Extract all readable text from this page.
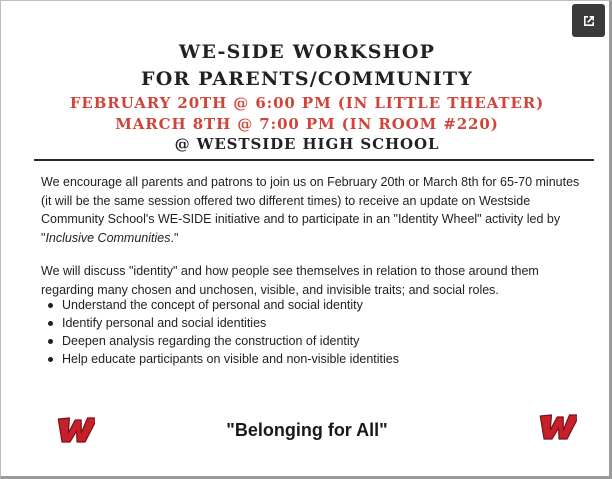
WE-SIDE WORKSHOP
FOR PARENTS/COMMUNITY
FEBRUARY 20TH @ 6:00 PM (IN LITTLE THEATER)
MARCH 8TH @ 7:00 PM (IN ROOM #220)
@ WESTSIDE HIGH SCHOOL

We encourage all parents and patrons to join us on February 20th or March 8th for 65-70 minutes (it will be the same session offered two different times) to receive an update on Westside Community School's WE-SIDE initiative and to participate in an "Identity Wheel" activity led by "Inclusive Communities."

We will discuss "identity" and how people see themselves in relation to those around them regarding many chosen and unchosen, visible, and invisible traits; and social roles.

Understand the concept of personal and social identity
Identify personal and social identities
Deepen analysis regarding the construction of identity
Help educate participants on visible and non-visible identities
"Belonging for All"
